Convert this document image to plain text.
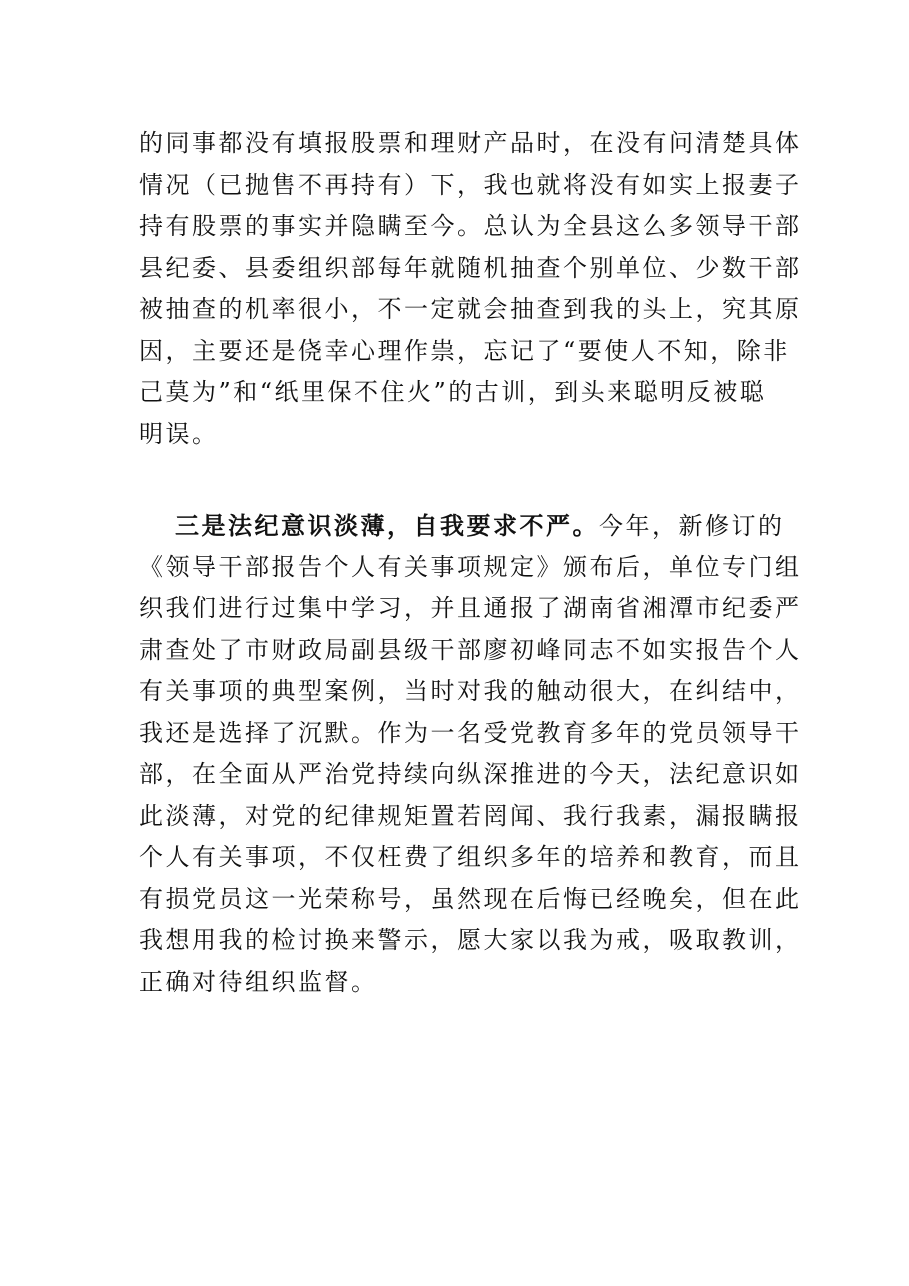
的同事都没有填报股票和理财产品时，在没有问清楚具体
情况（已抛售不再持有）下，我也就将没有如实上报妻子
持有股票的事实并隐瞒至今。总认为全县这么多领导干部
县纪委、县委组织部每年就随机抽查个别单位、少数干部
被抽查的机率很小，不一定就会抽查到我的头上，究其原
因，主要还是侥幸心理作祟，忘记了“要使人不知，除非
己莫为”和“纸里保不住火”的古训，到头来聪明反被聪
明误。
三是法纪意识淡薄，自我要求不严。今年，新修订的
《领导干部报告个人有关事项规定》颁布后，单位专门组
织我们进行过集中学习，并且通报了湖南省湘潭市纪委严
肃查处了市财政局副县级干部廖初峰同志不如实报告个人
有关事项的典型案例，当时对我的触动很大，在纠结中，
我还是选择了沉默。作为一名受党教育多年的党员领导干
部，在全面从严治党持续向纵深推进的今天，法纪意识如
此淡薄，对党的纪律规矩置若罔闻、我行我素，漏报瞒报
个人有关事项，不仅枉费了组织多年的培养和教育，而且
有损党员这一光荣称号，虽然现在后悔已经晚矣，但在此
我想用我的检讨换来警示，愿大家以我为戒，吸取教训，
正确对待组织监督。
